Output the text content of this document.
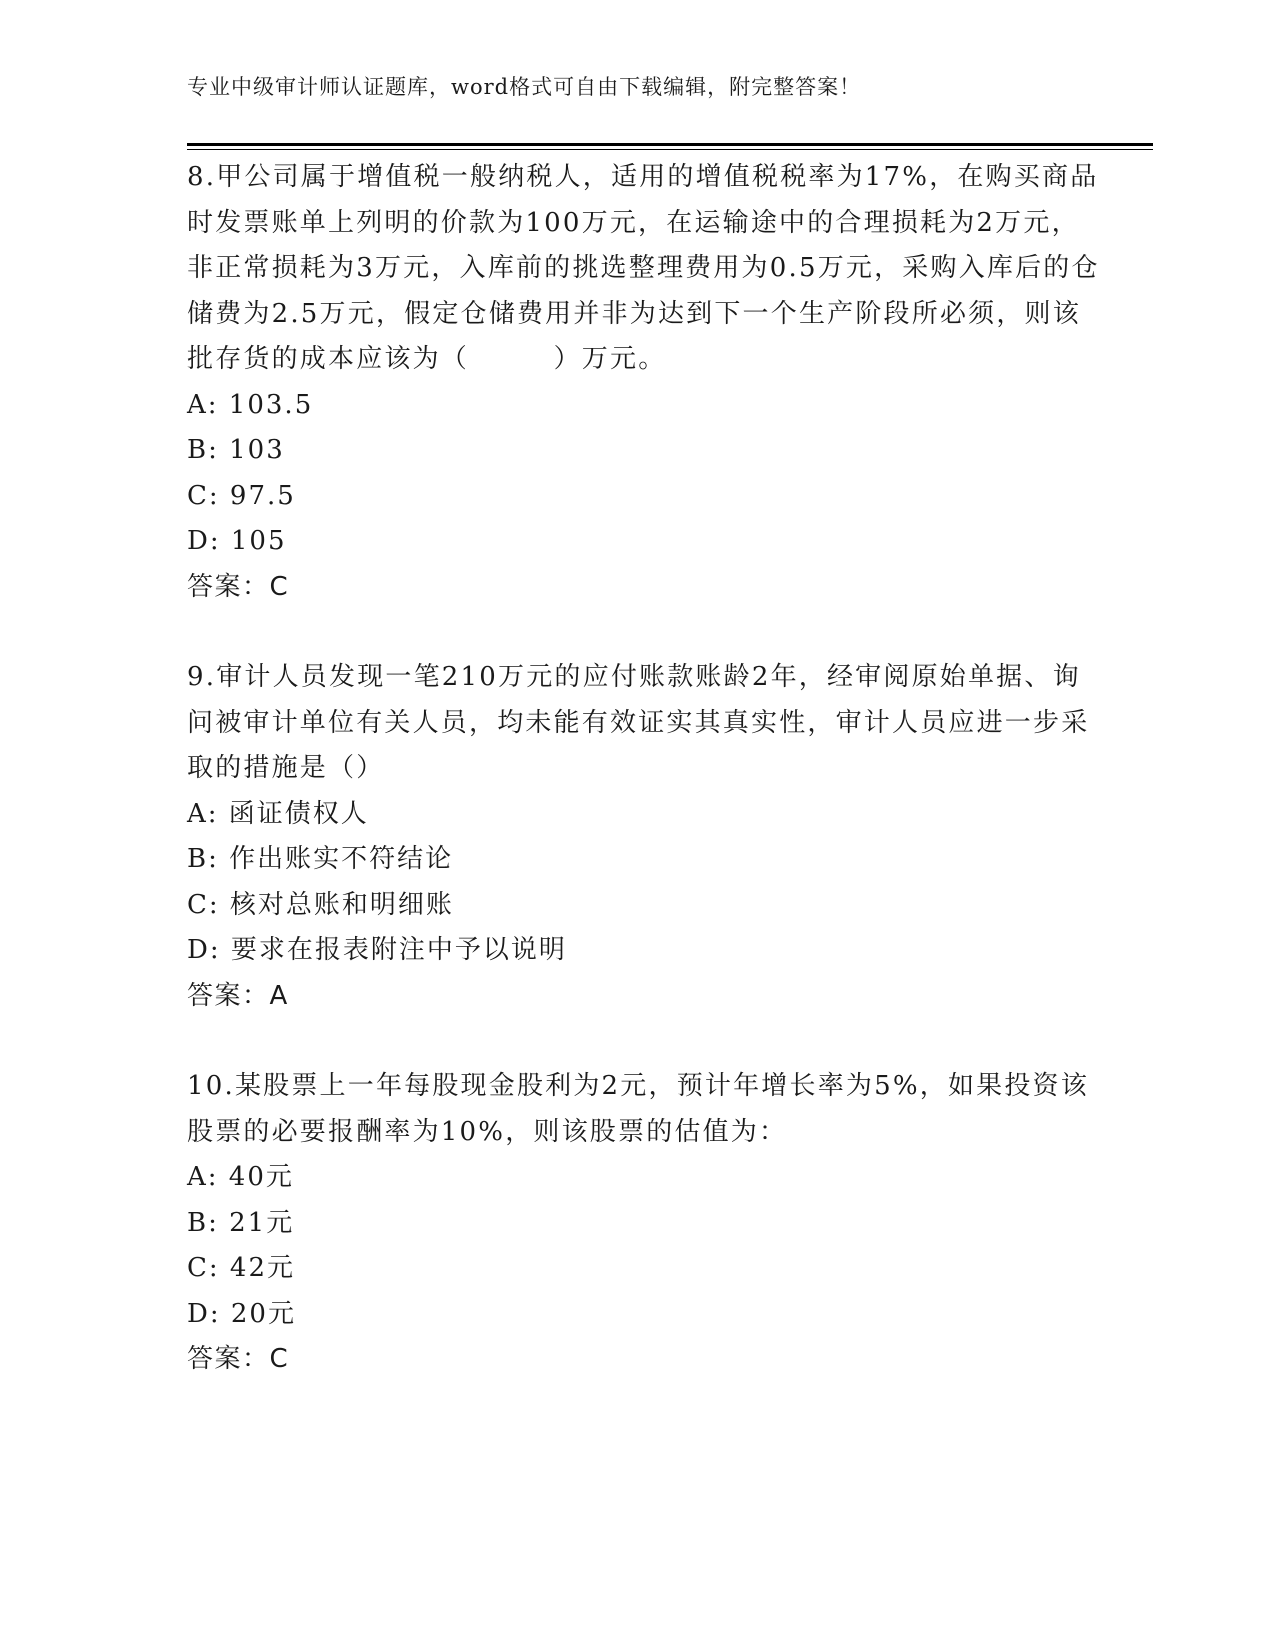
专业中级审计师认证题库，word格式可自由下载编辑，附完整答案！

8.甲公司属于增值税一般纳税人，适用的增值税税率为17%，在购买商品时发票账单上列明的价款为100万元，在运输途中的合理损耗为2万元，非正常损耗为3万元，入库前的挑选整理费用为0.5万元，采购入库后的仓储费为2.5万元，假定仓储费用并非为达到下一个生产阶段所必须，则该批存货的成本应该为（　　　）万元。

A: 103.5

B: 103

C: 97.5

D: 105

答案：C

9.审计人员发现一笔210万元的应付账款账龄2年，经审阅原始单据、询问被审计单位有关人员，均未能有效证实其真实性，审计人员应进一步采取的措施是（）

A: 函证债权人

B: 作出账实不符结论

C: 核对总账和明细账

D: 要求在报表附注中予以说明

答案：A

10.某股票上一年每股现金股利为2元，预计年增长率为5%，如果投资该股票的必要报酬率为10%，则该股票的估值为：

A: 40元

B: 21元

C: 42元

D: 20元

答案：C
